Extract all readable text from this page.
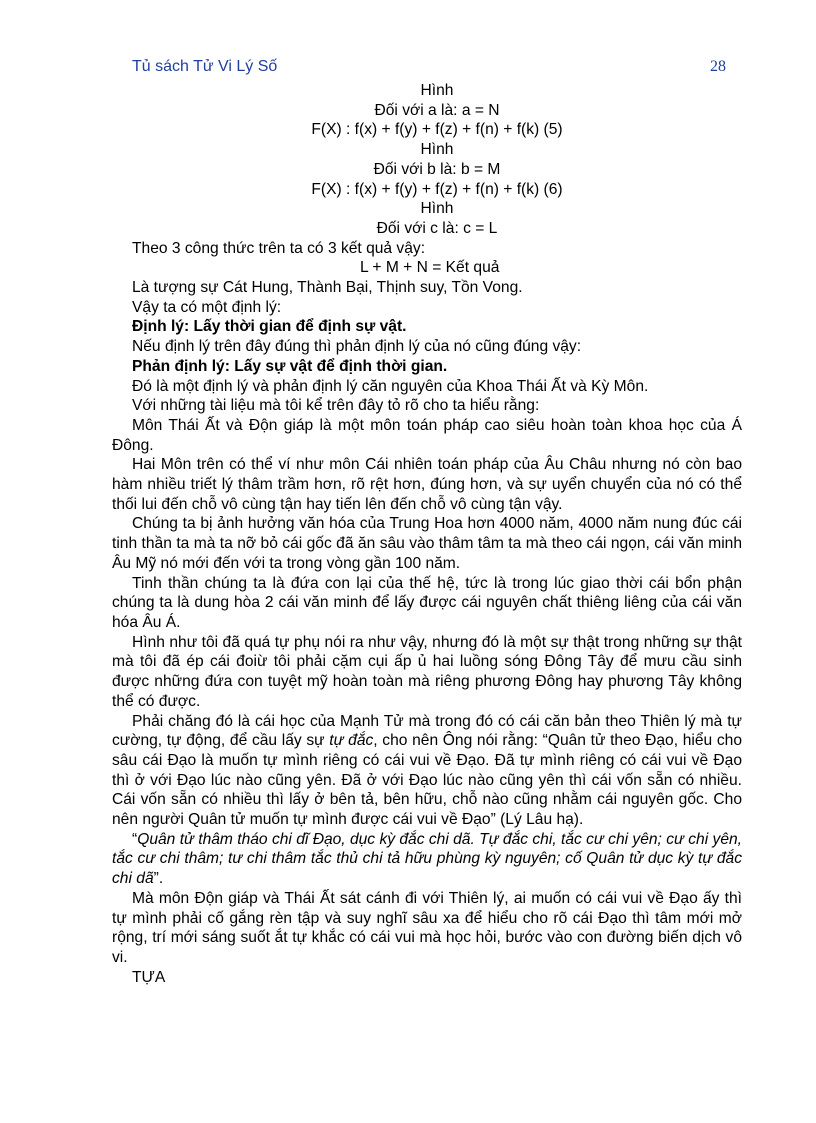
Tủ sách Tử Vi Lý Số	28

Hình

Đối với a là: a = N

F(X) : f(x) + f(y) + f(z) + f(n) + f(k) (5)

Hình

Đối với b là: b = M

F(X) : f(x) + f(y) + f(z) + f(n) + f(k) (6)

Hình

Đối với c là: c = L

Theo 3 công thức trên ta có 3 kết quả vậy:

L + M + N = Kết quả

Là tượng sự Cát Hung, Thành Bại, Thịnh suy, Tồn Vong.

Vậy ta có một định lý:

Định lý: Lấy thời gian để định sự vật.

Nếu định lý trên đây đúng thì phản định lý của nó cũng đúng vậy:

Phản định lý: Lấy sự vật để định thời gian.

Đó là một định lý và phản định lý căn nguyên của Khoa Thái Ất và Kỳ Môn.

Với những tài liệu mà tôi kể trên đây tỏ rõ cho ta hiểu rằng:

Môn Thái Ất và Độn giáp là một môn toán pháp cao siêu hoàn toàn khoa học của Á Đông.

Hai Môn trên có thể ví như môn Cái nhiên toán pháp của Âu Châu nhưng nó còn bao hàm nhiều triết lý thâm trầm hơn, rõ rệt hơn, đúng hơn, và sự uyển chuyển của nó có thể thối lui đến chỗ vô cùng tận hay tiến lên đến chỗ vô cùng tận vậy.

Chúng ta bị ảnh hưởng văn hóa của Trung Hoa hơn 4000 năm, 4000 năm nung đúc cái tinh thần ta mà ta nỡ bỏ cái gốc đã ăn sâu vào thâm tâm ta mà theo cái ngọn, cái văn minh Âu Mỹ nó mới đến với ta trong vòng gần 100 năm.

Tinh thần chúng ta là đứa con lại của thế hệ, tức là trong lúc giao thời cái bổn phận chúng ta là dung hòa 2 cái văn minh để lấy được cái nguyên chất thiêng liêng của cái văn hóa Âu Á.

Hình như tôi đã quá tự phụ nói ra như vậy, nhưng đó là một sự thật trong những sự thật mà tôi đã ép cái đoiừ tôi phải cặm cụi ấp ủ hai luồng sóng Đông Tây để mưu cầu sinh được những đứa con tuyệt mỹ hoàn toàn mà riêng phương Đông hay phương Tây không thể có được.

Phải chăng đó là cái học của Mạnh Tử mà trong đó có cái căn bản theo Thiên lý mà tự cường, tự động, để cầu lấy sự tự đắc, cho nên Ông nói rằng: “Quân tử theo Đạo, hiểu cho sâu cái Đạo là muốn tự mình riêng có cái vui về Đạo. Đã tự mình riêng có cái vui về Đạo thì ở với Đạo lúc nào cũng yên. Đã ở với Đạo lúc nào cũng yên thì cái vốn sẵn có nhiều. Cái vốn sẵn có nhiều thì lấy ở bên tả, bên hữu, chỗ nào cũng nhằm cái nguyên gốc. Cho nên người Quân tử muốn tự mình được cái vui về Đạo” (Lý Lâu hạ).

“Quân tử thâm tháo chi dĩ Đạo, dục kỳ đắc chi dã. Tự đắc chi, tắc cư chi yên; cư chi yên, tắc cư chi thâm; tư chi thâm tắc thủ chi tả hữu phùng kỳ nguyên; cố Quân tử dục kỳ tự đắc chi dã”.

Mà môn Độn giáp và Thái Ất sát cánh đi với Thiên lý, ai muốn có cái vui về Đạo ấy thì tự mình phải cố gắng rèn tập và suy nghĩ sâu xa để hiểu cho rõ cái Đạo thì tâm mới mở rộng, trí mới sáng suốt ắt tự khắc có cái vui mà học hỏi, bước vào con đường biến dịch vô vi.

TỰA
